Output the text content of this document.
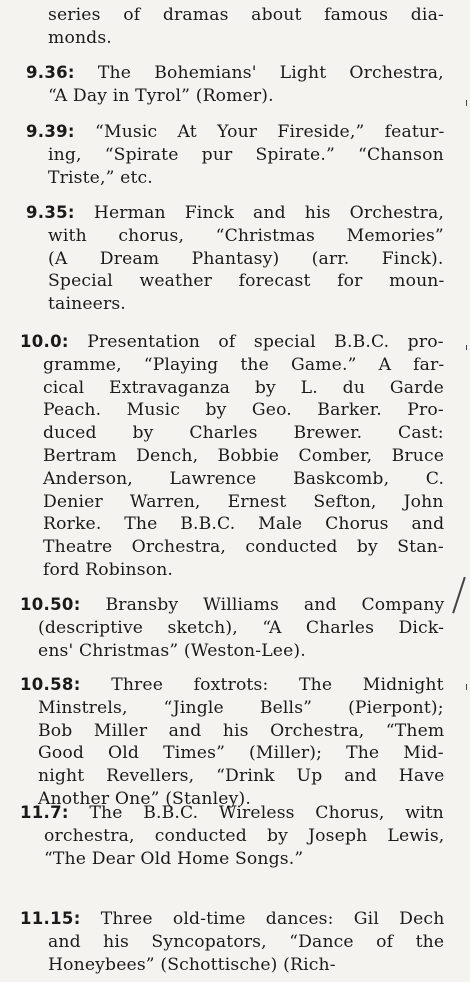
series of dramas about famous dia-
monds.
9.36: The Bohemians' Light Orchestra,
“A Day in Tyrol” (Romer).
9.39: “Music At Your Fireside,” featur-
ing, “Spirate pur Spirate.” “Chanson
Triste,” etc.
9.35: Herman Finck and his Orchestra,
with chorus, “Christmas Memories”
(A Dream Phantasy) (arr. Finck).
Special weather forecast for moun-
taineers.
10.0: Presentation of special B.B.C. pro-
gramme, “Playing the Game.” A far-
cical Extravaganza by L. du Garde
Peach. Music by Geo. Barker. Pro-
duced by Charles Brewer. Cast:
Bertram Dench, Bobbie Comber, Bruce
Anderson, Lawrence Baskcomb, C.
Denier Warren, Ernest Sefton, John
Rorke. The B.B.C. Male Chorus and
Theatre Orchestra, conducted by Stan-
ford Robinson.
10.50: Bransby Williams and Company
(descriptive sketch), “A Charles Dick-
ens' Christmas” (Weston-Lee).
10.58: Three foxtrots: The Midnight
Minstrels, “Jingle Bells” (Pierpont);
Bob Miller and his Orchestra, “Them
Good Old Times” (Miller); The Mid-
night Revellers, “Drink Up and Have
Another One” (Stanley).
11.7: The B.B.C. Wireless Chorus, witn
orchestra, conducted by Joseph Lewis,
“The Dear Old Home Songs.”
11.15: Three old-time dances: Gil Dech
and his Syncopators, “Dance of the
Honeybees” (Schottische) (Rich-
